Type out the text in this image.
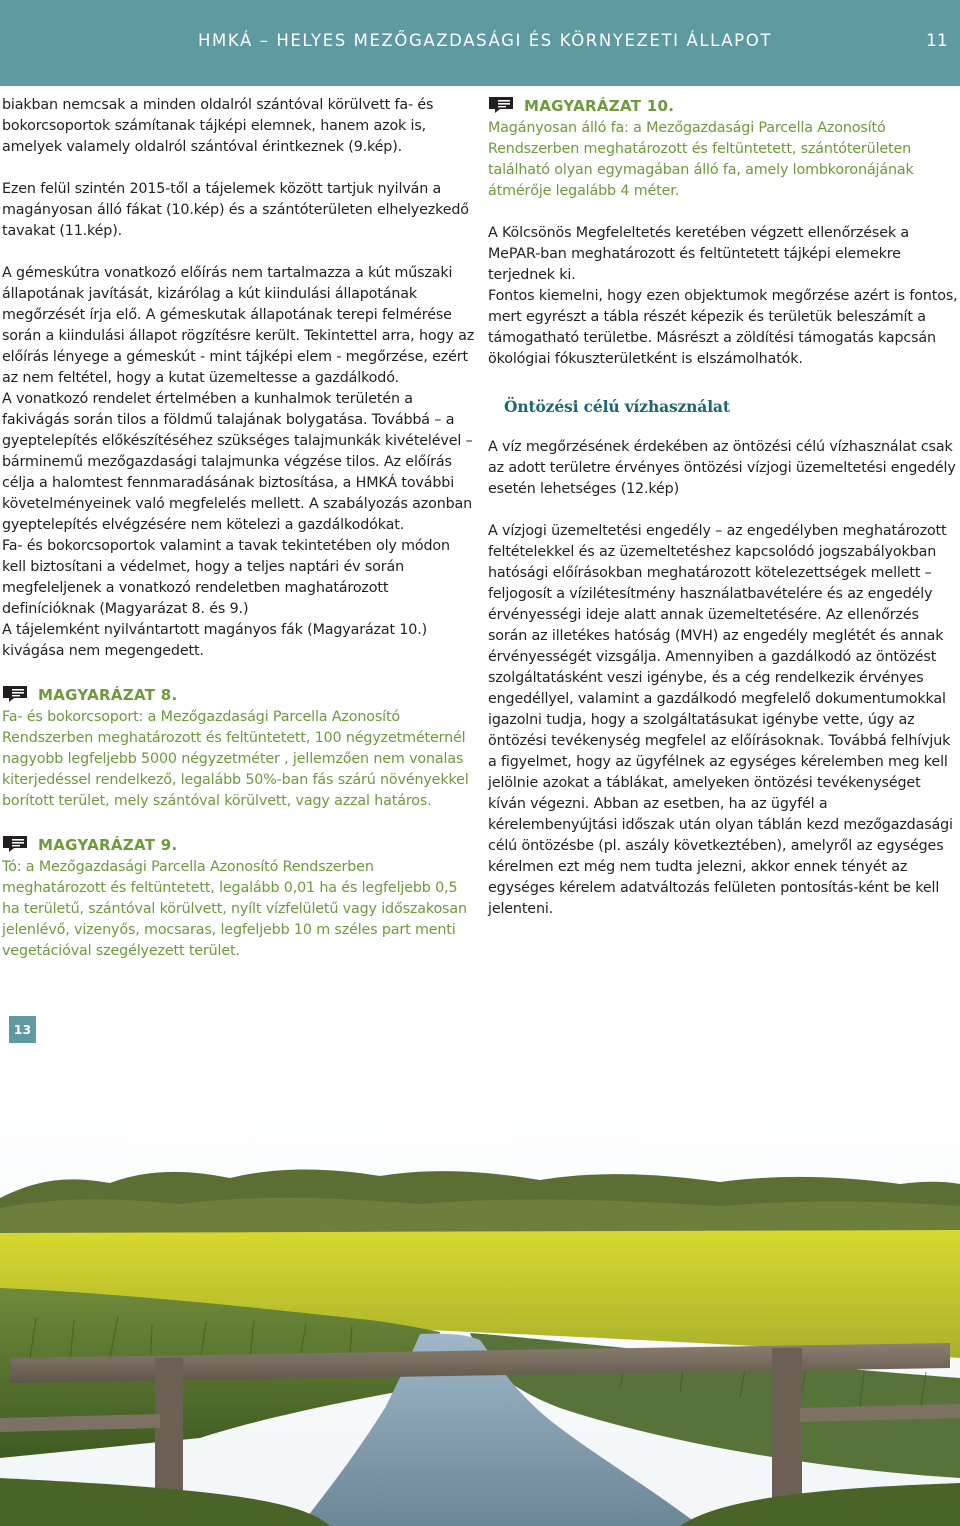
HMKÁ – HELYES MEZŐGAZDASÁGI ÉS KÖRNYEZETI ÁLLAPOT	11

biakban nemcsak a minden oldalról szántóval körülvett fa- és bokorcsoportok számítanak tájképi elemnek, hanem azok is, amelyek valamely oldalról szántóval érintkeznek (9.kép).

Ezen felül szintén 2015-től a tájelemek között tartjuk nyilván a magányosan álló fákat (10.kép) és a szántóterületen elhelyezkedő tavakat (11.kép).

A gémeskútra vonatkozó előírás nem tartalmazza a kút műszaki állapotának javítását, kizárólag a kút kiindulási állapotának megőrzését írja elő. A gémeskutak állapotának terepi felmérése során a kiindulási állapot rögzítésre került. Tekintettel arra, hogy az előírás lényege a gémeskút - mint tájképi elem - megőrzése, ezért az nem feltétel, hogy a kutat üzemeltesse a gazdálkodó.

A vonatkozó rendelet értelmében a kunhalmok területén a fakivágás során tilos a földmű talajának bolygatása. Továbbá – a gyeptelepítés előkészítéséhez szükséges talajmunkák kivételével – bárminemű mezőgazdasági talajmunka végzése tilos. Az előírás célja a halomtest fennmaradásának biztosítása, a HMKÁ további követelményeinek való megfelelés mellett. A szabályozás azonban gyeptelepítés elvégzésére nem kötelezi a gazdálkodókat.

Fa- és bokorcsoportok valamint a tavak tekintetében oly módon kell biztosítani a védelmet, hogy a teljes naptári év során megfeleljenek a vonatkozó rendeletben maghatározott definícióknak (Magyarázat 8. és 9.)

A tájelemként nyilvántartott magányos fák (Magyarázat 10.) kivágása nem megengedett.

MAGYARÁZAT 8.

Fa- és bokorcsoport: a Mezőgazdasági Parcella Azonosító Rendszerben meghatározott és feltüntetett, 100 négyzetméternél nagyobb legfeljebb 5000 négyzetméter , jellemzően nem vonalas kiterjedéssel rendelkező, legalább 50%-ban fás szárú növényekkel borított terület, mely szántóval körülvett, vagy azzal határos.

MAGYARÁZAT 9.

Tó: a Mezőgazdasági Parcella Azonosító Rendszerben meghatározott és feltüntetett, legalább 0,01 ha és legfeljebb 0,5 ha területű, szántóval körülvett, nyílt vízfelületű vagy időszakosan jelenlévő, vizenyős, mocsaras, legfeljebb 10 m széles part menti vegetációval szegélyezett terület.

MAGYARÁZAT 10.

Magányosan álló fa: a Mezőgazdasági Parcella Azonosító Rendszerben meghatározott és feltüntetett, szántóterületen található olyan egymagában álló fa, amely lombkoronájának átmérője legalább 4 méter.

A Kölcsönös Megfeleltetés keretében végzett ellenőrzések a MePAR-ban meghatározott és feltüntetett tájképi elemekre terjednek ki.

Fontos kiemelni, hogy ezen objektumok megőrzése azért is fontos, mert egyrészt a tábla részét képezik és területük beleszámít a támogatható területbe. Másrészt a zöldítési támogatás kapcsán ökológiai fókuszterületként is elszámolhatók.

Öntözési célú vízhasználat

A víz megőrzésének érdekében az öntözési célú vízhasználat csak az adott területre érvényes öntözési vízjogi üzemeltetési engedély esetén lehetséges (12.kép)

A vízjogi üzemeltetési engedély – az engedélyben meghatározott feltételekkel és az üzemeltetéshez kapcsolódó jogszabályokban hatósági előírásokban meghatározott kötelezettségek mellett – feljogosít a vízilétesítmény használatbavételére és az engedély érvényességi ideje alatt annak üzemeltetésére. Az ellenőrzés során az illetékes hatóság (MVH) az engedély meglétét és annak érvényességét vizsgálja. Amennyiben a gazdálkodó az öntözést szolgáltatásként veszi igénybe, és a cég rendelkezik érvényes engedéllyel, valamint a gazdálkodó megfelelő dokumentumokkal igazolni tudja, hogy a szolgáltatásukat igénybe vette, úgy az öntözési tevékenység megfelel az előírásoknak. Továbbá felhívjuk a figyelmet, hogy az ügyfélnek az egységes kérelemben meg kell jelölnie azokat a táblákat, amelyeken öntözési tevékenységet kíván végezni. Abban az esetben, ha az ügyfél a kérelembenyújtási időszak után olyan táblán kezd mezőgazdasági célú öntözésbe (pl. aszály következtében), amelyről az egységes kérelmen ezt még nem tudta jelezni, akkor ennek tényét az egységes kérelem adatváltozás felületen pontosítás-ként be kell jelenteni.

13
